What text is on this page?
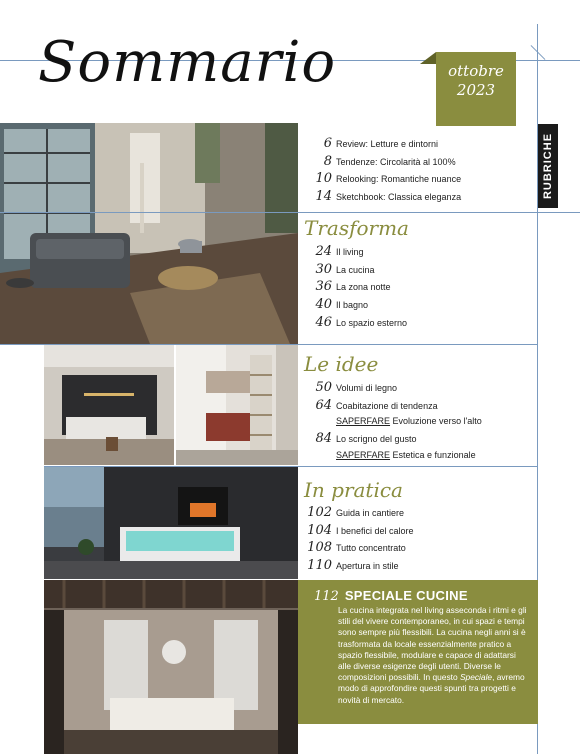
Sommario	ottobre
2023
RUBRICHE
6 Review: Letture e dintorni
8 Tendenze: Circolarità al 100%
10 Relooking: Romantiche nuance
14 Sketchbook: Classica eleganza
Trasforma
24 Il living
30 La cucina
36 La zona notte
40 Il bagno
46 Lo spazio esterno
Le idee
50 Volumi di legno
64 Coabitazione di tendenza
SAPERFARE Evoluzione verso l'alto
84 Lo scrigno del gusto
SAPERFARE Estetica e funzionale
In pratica
102 Guida in cantiere
104 I benefici del calore
108 Tutto concentrato
110 Apertura in stile
112 SPECIALE CUCINE
La cucina integrata nel living asseconda i ritmi e gli stili del vivere contemporaneo, in cui spazi e tempi sono sempre più flessibili. La cucina negli anni si è trasformata da locale essenzialmente pratico a spazio flessibile, modulare e capace di adattarsi alle diverse esigenze degli utenti. Diverse le composizioni possibili. In questo Speciale, avremo modo di approfondire questi spunti tra progetti e novità di mercato.
